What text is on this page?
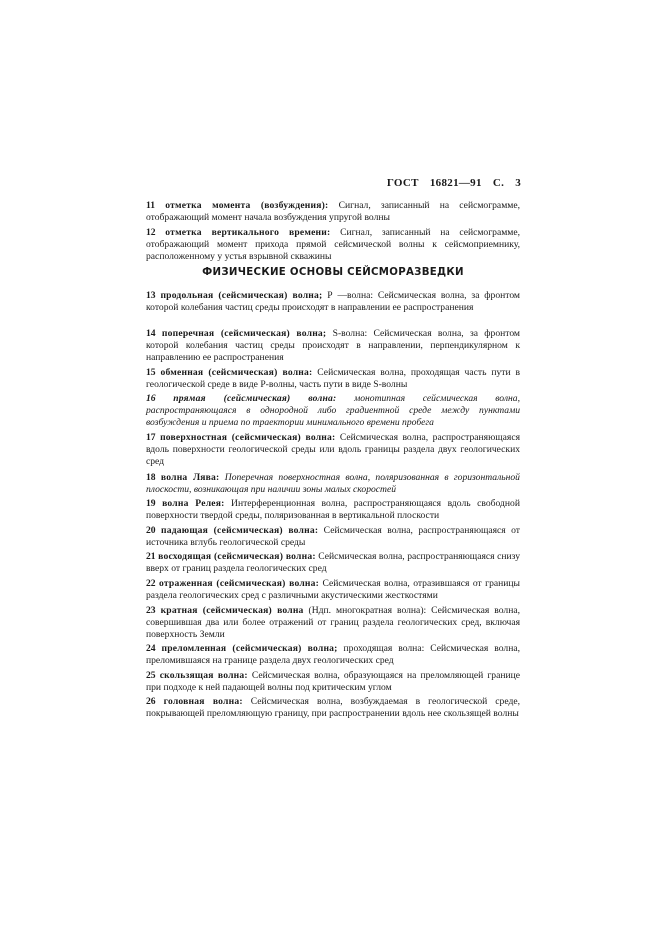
ГОСТ 16821—91 С. 3
ФИЗИЧЕСКИЕ ОСНОВЫ СЕЙСМОРАЗВЕДКИ
11 отметка момента (возбуждения): Сигнал, записанный на сейсмограмме, отображающий момент начала возбуждения упругой волны
12 отметка вертикального времени: Сигнал, записанный на сейсмограмме, отображающий момент прихода прямой сейсмической волны к сейсмоприемнику, расположенному у устья взрывной скважины
13 продольная (сейсмическая) волна; Р —волна: Сейсмическая волна, за фронтом которой колебания частиц среды происходят в направлении ее распространения
14 поперечная (сейсмическая) волна; S-волна: Сейсмическая волна, за фронтом которой колебания частиц среды происходят в направлении, перпендикулярном к направлению ее распространения
15 обменная (сейсмическая) волна: Сейсмическая волна, проходящая часть пути в геологической среде в виде Р-волны, часть пути в виде S-волны
16 прямая (сейсмическая) волна: монотипная сейсмическая волна, распространяющаяся в однородной либо градиентной среде между пунктами возбуждения и приема по траектории минимального времени пробега
17 поверхностная (сейсмическая) волна: Сейсмическая волна, распространяющаяся вдоль поверхности геологической среды или вдоль границы раздела двух геологических сред
18 волна Лява: Поперечная поверхностная волна, поляризованная в горизонтальной плоскости, возникающая при наличии зоны малых скоростей
19 волна Релея: Интерференционная волна, распространяющаяся вдоль свободной поверхности твердой среды, поляризованная в вертикальной плоскости
20 падающая (сейсмическая) волна: Сейсмическая волна, распространяющаяся от источника вглубь геологической среды
21 восходящая (сейсмическая) волна: Сейсмическая волна, распространяющаяся снизу вверх от границ раздела геологических сред
22 отраженная (сейсмическая) волна: Сейсмическая волна, отразившаяся от границы раздела геологических сред с различными акустическими жесткостями
23 кратная (сейсмическая) волна (Ндп. многократная волна): Сейсмическая волна, совершившая два или более отражений от границ раздела геологических сред, включая поверхность Земли
24 преломленная (сейсмическая) волна; проходящая волна: Сейсмическая волна, преломившаяся на границе раздела двух геологических сред
25 скользящая волна: Сейсмическая волна, образующаяся на преломляющей границе при подходе к ней падающей волны под критическим углом
26 головная волна: Сейсмическая волна, возбуждаемая в геологической среде, покрывающей преломляющую границу, при распространении вдоль нее скользящей волны
